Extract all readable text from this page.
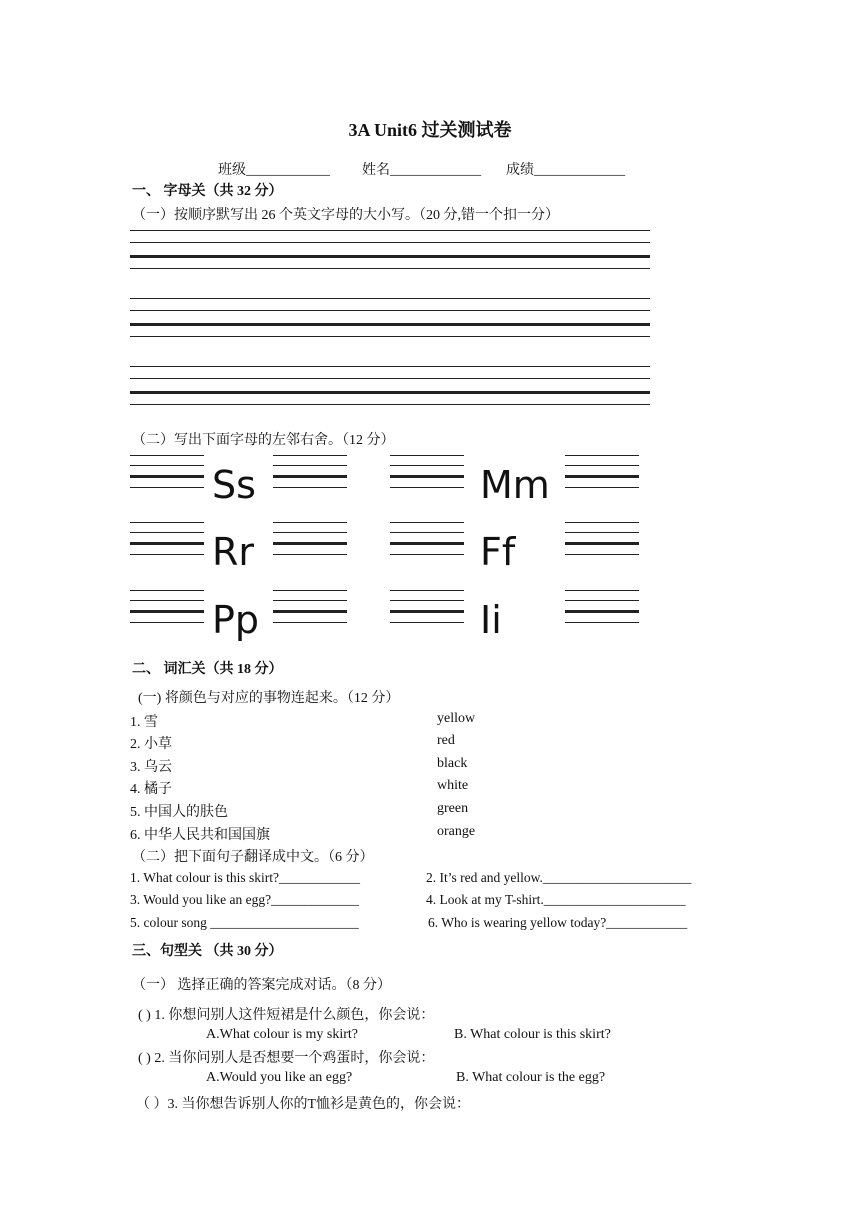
3A Unit6 过关测试卷
班级____________ 姓名_____________ 成绩_____________
一、 字母关（共 32 分）
（一）按顺序默写出 26 个英文字母的大小写。（20 分,错一个扣一分）
（二）写出下面字母的左邻右舍。（12 分）
Ss	Mm
Rr	Ff
Pp	Ii
二、 词汇关（共 18 分）
(一) 将颜色与对应的事物连起来。（12 分）
1. 雪
2. 小草
3. 乌云
4. 橘子
5. 中国人的肤色
6. 中华人民共和国国旗
yellow
red
black
white
green
orange
（二）把下面句子翻译成中文。（6 分）
1. What colour is this skirt?____________	2. It’s red and yellow.______________________
3. Would you like an egg?_____________	4. Look at my T-shirt._____________________
5. colour song ______________________	6. Who is wearing yellow today?____________
三、句型关 （共 30 分）
（一） 选择正确的答案完成对话。（8 分）
( ) 1. 你想问别人这件短裙是什么颜色，你会说：
A.What colour is my skirt?	B. What colour is this skirt?
( ) 2. 当你问别人是否想要一个鸡蛋时，你会说：
A.Would you like an egg?	B. What colour is the egg?
（ ）3. 当你想告诉别人你的T恤衫是黄色的，你会说：
